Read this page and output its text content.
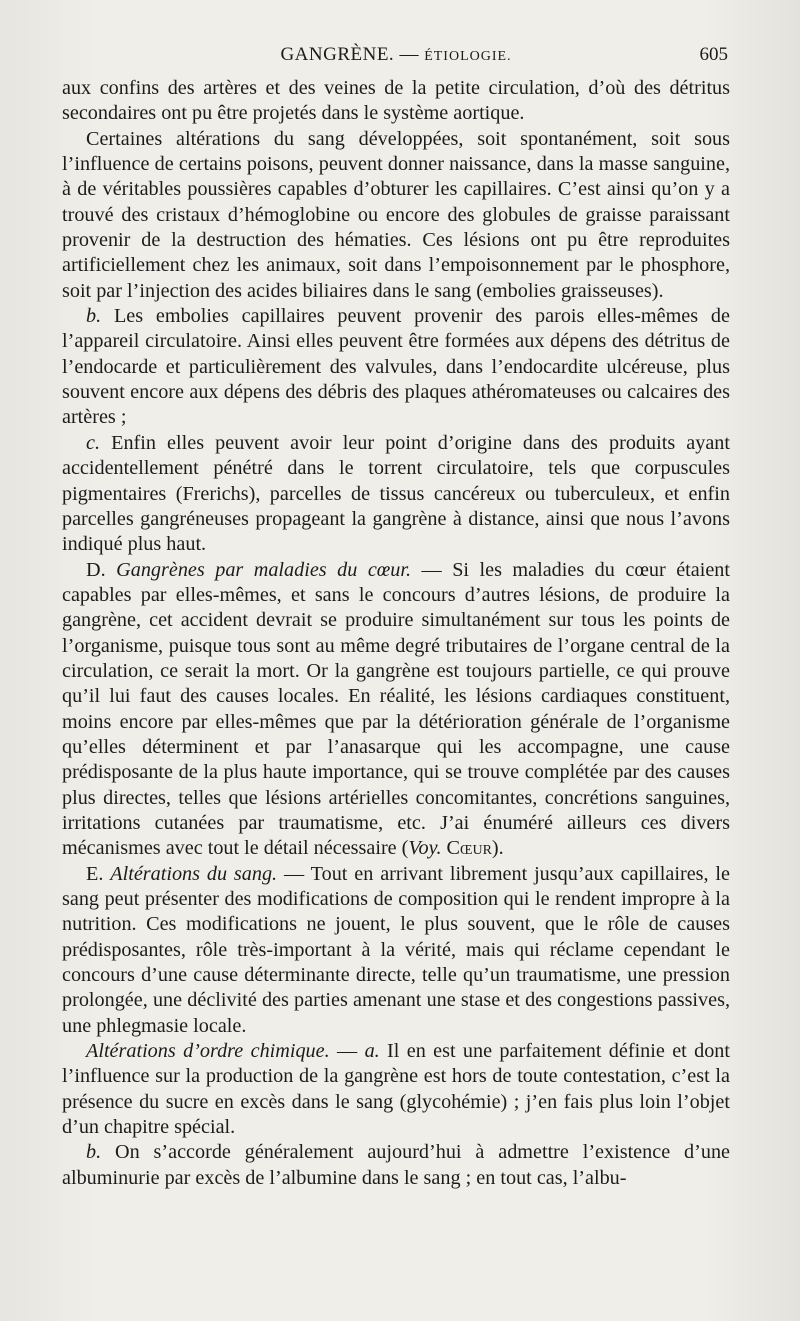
GANGRÈNE. — ÉTIOLOGIE.	605

aux confins des artères et des veines de la petite circulation, d’où des détritus secondaires ont pu être projetés dans le système aortique.

Certaines altérations du sang développées, soit spontanément, soit sous l’influence de certains poisons, peuvent donner naissance, dans la masse sanguine, à de véritables poussières capables d’obturer les capillaires. C’est ainsi qu’on y a trouvé des cristaux d’hémoglobine ou encore des globules de graisse paraissant provenir de la destruction des hématies. Ces lésions ont pu être reproduites artificiellement chez les animaux, soit dans l’empoisonnement par le phosphore, soit par l’injection des acides biliaires dans le sang (embolies graisseuses).

b. Les embolies capillaires peuvent provenir des parois elles-mêmes de l’appareil circulatoire. Ainsi elles peuvent être formées aux dépens des détritus de l’endocarde et particulièrement des valvules, dans l’endocardite ulcéreuse, plus souvent encore aux dépens des débris des plaques athéromateuses ou calcaires des artères ;

c. Enfin elles peuvent avoir leur point d’origine dans des produits ayant accidentellement pénétré dans le torrent circulatoire, tels que corpuscules pigmentaires (Frerichs), parcelles de tissus cancéreux ou tuberculeux, et enfin parcelles gangréneuses propageant la gangrène à distance, ainsi que nous l’avons indiqué plus haut.

D. Gangrènes par maladies du cœur. — Si les maladies du cœur étaient capables par elles-mêmes, et sans le concours d’autres lésions, de produire la gangrène, cet accident devrait se produire simultanément sur tous les points de l’organisme, puisque tous sont au même degré tributaires de l’organe central de la circulation, ce serait la mort. Or la gangrène est toujours partielle, ce qui prouve qu’il lui faut des causes locales. En réalité, les lésions cardiaques constituent, moins encore par elles-mêmes que par la détérioration générale de l’organisme qu’elles déterminent et par l’anasarque qui les accompagne, une cause prédisposante de la plus haute importance, qui se trouve complétée par des causes plus directes, telles que lésions artérielles concomitantes, concrétions sanguines, irritations cutanées par traumatisme, etc. J’ai énuméré ailleurs ces divers mécanismes avec tout le détail nécessaire (Voy. Cœur).

E. Altérations du sang. — Tout en arrivant librement jusqu’aux capillaires, le sang peut présenter des modifications de composition qui le rendent impropre à la nutrition. Ces modifications ne jouent, le plus souvent, que le rôle de causes prédisposantes, rôle très-important à la vérité, mais qui réclame cependant le concours d’une cause déterminante directe, telle qu’un traumatisme, une pression prolongée, une déclivité des parties amenant une stase et des congestions passives, une phlegmasie locale.

Altérations d’ordre chimique. — a. Il en est une parfaitement définie et dont l’influence sur la production de la gangrène est hors de toute contestation, c’est la présence du sucre en excès dans le sang (glycohémie) ; j’en fais plus loin l’objet d’un chapitre spécial.

b. On s’accorde généralement aujourd’hui à admettre l’existence d’une albuminurie par excès de l’albumine dans le sang ; en tout cas, l’albu-
